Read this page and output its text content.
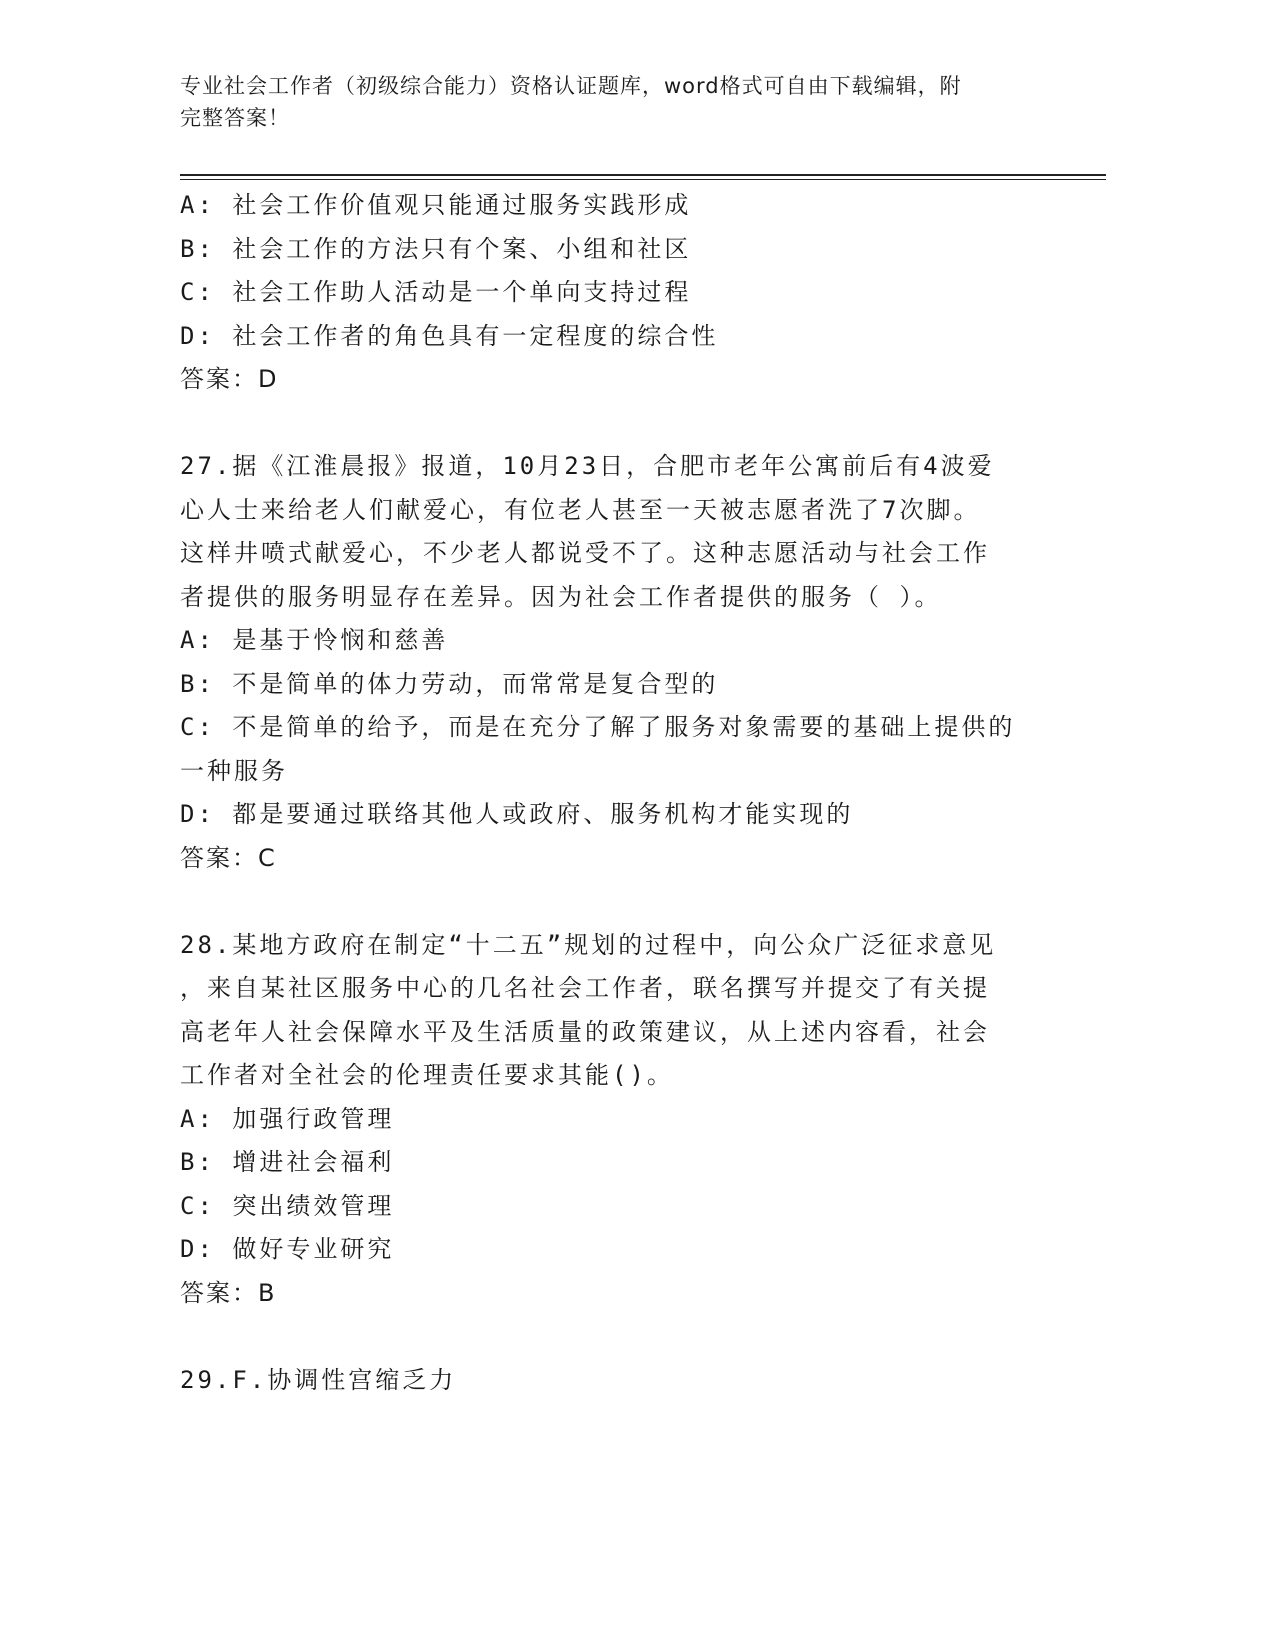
专业社会工作者（初级综合能力）资格认证题库，word格式可自由下载编辑，附
完整答案！

A: 社会工作价值观只能通过服务实践形成

B: 社会工作的方法只有个案、小组和社区

C: 社会工作助人活动是一个单向支持过程

D: 社会工作者的角色具有一定程度的综合性

答案：D

27.据《江淮晨报》报道，10月23日，合肥市老年公寓前后有4波爱

心人士来给老人们献爱心，有位老人甚至一天被志愿者洗了7次脚。

这样井喷式献爱心，不少老人都说受不了。这种志愿活动与社会工作

者提供的服务明显存在差异。因为社会工作者提供的服务（ ）。

A: 是基于怜悯和慈善

B: 不是简单的体力劳动，而常常是复合型的

C: 不是简单的给予，而是在充分了解了服务对象需要的基础上提供的

一种服务

D: 都是要通过联络其他人或政府、服务机构才能实现的

答案：C

28.某地方政府在制定“十二五”规划的过程中，向公众广泛征求意见

，来自某社区服务中心的几名社会工作者，联名撰写并提交了有关提

高老年人社会保障水平及生活质量的政策建议，从上述内容看，社会

工作者对全社会的伦理责任要求其能()。

A: 加强行政管理

B: 增进社会福利

C: 突出绩效管理

D: 做好专业研究

答案：B

29.F.协调性宫缩乏力
